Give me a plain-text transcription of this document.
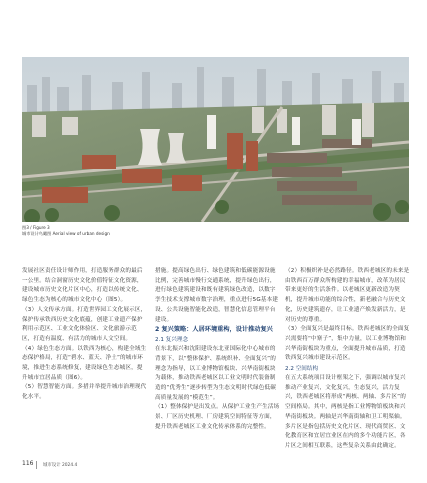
图3 / Figure 3
城市设计鸟瞰图 Aerial view of urban design

发展社区责任设计师作用，打造服务群众的最后一公里。结合洞窗历史文化价值特征文化资源，建设城市历史文化片区中心，打造以传统文化、绿色生态为核心的城市文化中心（图5）。

（3）人文传承方面。打造世界园工文化展示区，保护传承铁西历史文化底蕴，创建工业遗产保护利用示范区、工业文化体验区、文化旅游示范区，打造有温度、有活力的城市人文空间。

（4）绿色生态方面。以铁西为核心，构建全域生态保护格局，打造“碧水、蓝天、净土”的城市环境，推进生态系统修复，建设绿色生态城区，提升城市宜居品质（图6）。

（5）智慧智能方面。多措并举提升城市治理现代化水平。

措施。提高绿色出行、绿色建筑和低碳能源设施比例，完善城市慢行交通系统，提升绿色出行，进行绿色建筑建设和既有建筑绿色改造，以数字孪生技术支撑城市数字治理，重点进行5G基本建设、公共设施智能化改造，智慧化信息管理平台建设。

2 复兴策略：人居环境重构，设计推动复兴

2.1 复兴理念

在东北振兴和沈阳建设东北亚国际化中心城市的背景下，以“整体保护、系统织补、全面复兴”的理念为指导，以工业博物馆板块、兴华南街板块为载体，推动铁西老城区以工业文明时代装备制造的“优秀生”逐步转型为生态文明时代绿色低碳高质量发展的“模范生”。

（1）整体保护是出发点。从保护工业生产生活场景、厂区历史机理、厂房建筑空间特征等方面，提升铁西老城区工业文化传承体系的完整性。

（2）积极织补是必然路径。铁西老城区的未来是由铁西百万群众所构建的幸福城市，改革为居民带来更好的生活条件。以老城区更新改造为契机，提升城市功能的综合性，新老融合与历史文化，历史建筑遗存，让工业遗产焕发新活力，是对历史的尊重。

（3）全面复兴是最终目标。铁西老城区的全面复兴需要将“中寨子”，集中力量，以工业博物馆和兴华南街板块为重点，全面提升城市品质，打造铁西复兴城市建设示范区。

2.2 空间结构

在五大系统项目设计框架之下，强调以城市复兴推动产业复兴，文化复兴，生态复兴，活力复兴，铁西老城区将形成“两核、两轴、多片区”的空间格局。其中，两核是指工业博物馆板块和兴华南街板块。两轴是兴华南街轴和卫工明渠轴。多片区是指包括历史文化片区、现代商贸区、文化教育区和宜居宜业区在内的多个功能片区，各片区之间相互联系，这些复杂关系由此确定。

116 城市设计 2024.4
